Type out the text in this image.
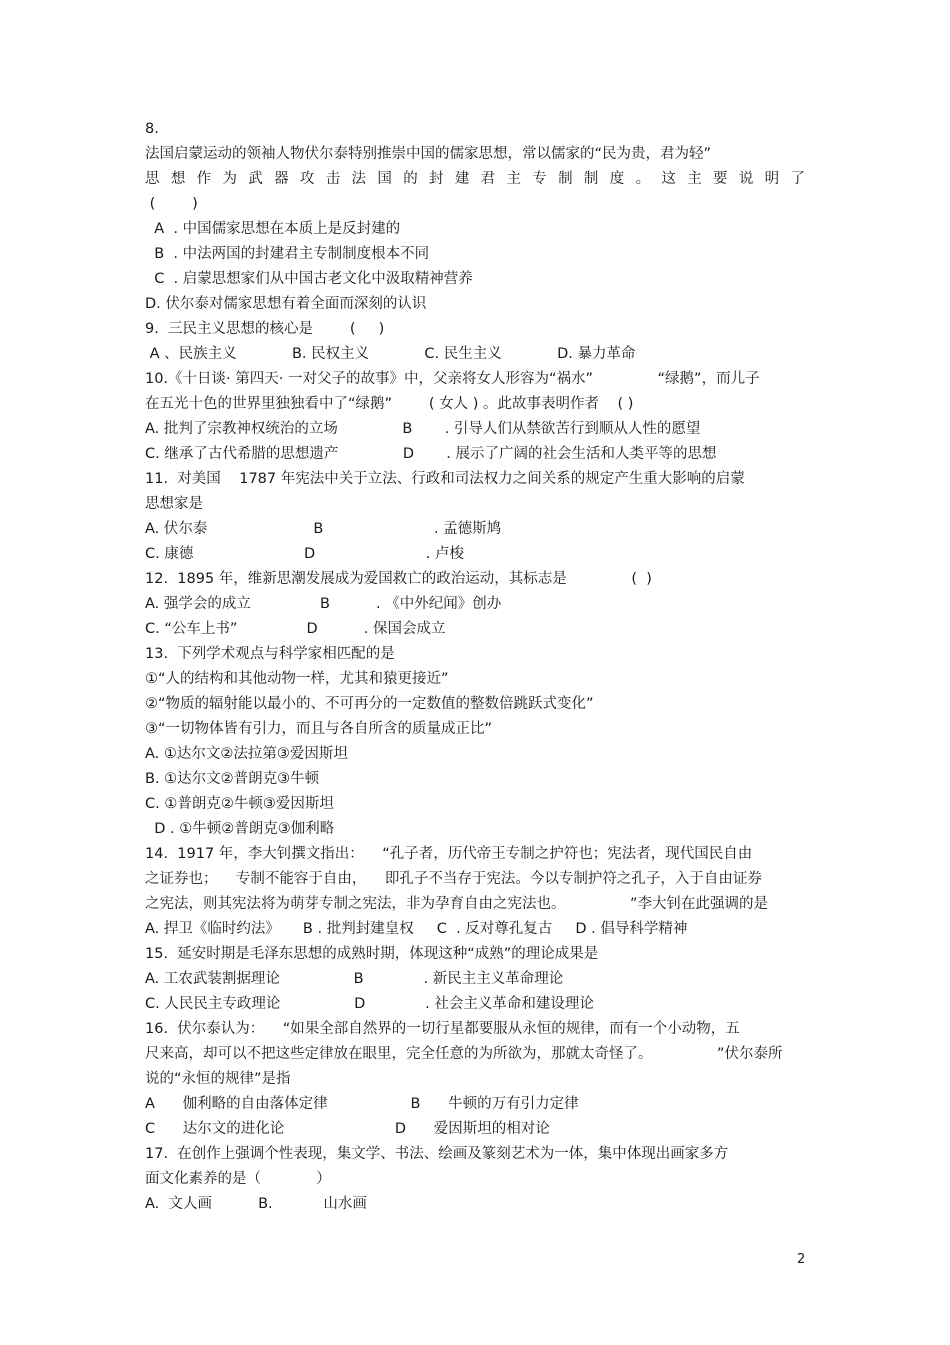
8.
法国启蒙运动的领袖人物伏尔泰特别推崇中国的儒家思想，常以儒家的“民为贵，君为轻”
思 想 作 为 武 器 攻 击 法 国 的 封 建 君 主 专 制 制 度 。 这 主 要 说 明 了
(        )
A  . 中国儒家思想在本质上是反封建的
B  . 中法两国的封建君主专制制度根本不同
C  . 启蒙思想家们从中国古老文化中汲取精神营养
D. 伏尔泰对儒家思想有着全面而深刻的认识
9.  三民主义思想的核心是        (     )
A 、民族主义            B. 民权主义            C. 民生主义            D. 暴力革命
10.《十日谈· 第四天· 一对父子的故事》中，父亲将女人形容为“祸水”              “绿鹅”，而儿子
在五光十色的世界里独独看中了“绿鹅”        ( 女人 ) 。此故事表明作者    ( )
A. 批判了宗教神权统治的立场              B       . 引导人们从禁欲苦行到顺从人性的愿望
C. 继承了古代希腊的思想遗产              D       . 展示了广阔的社会生活和人类平等的思想
11.  对美国    1787 年宪法中关于立法、行政和司法权力之间关系的规定产生重大影响的启蒙
思想家是
A. 伏尔泰                       B                        . 孟德斯鸠
C. 康德                        D                        . 卢梭
12.  1895 年，维新思潮发展成为爱国救亡的政治运动，其标志是              (  )
A. 强学会的成立               B          . 《中外纪闻》创办
C. “公车上书”               D          . 保国会成立
13.  下列学术观点与科学家相匹配的是
①“人的结构和其他动物一样，尤其和猿更接近”
②“物质的辐射能以最小的、不可再分的一定数值的整数倍跳跃式变化”
③“一切物体皆有引力，而且与各自所含的质量成正比”
A. ①达尔文②法拉第③爱因斯坦
B. ①达尔文②普朗克③牛顿
C. ①普朗克②牛顿③爱因斯坦
D . ①牛顿②普朗克③伽利略
14.  1917 年，李大钊撰文指出：    “孔子者，历代帝王专制之护符也；宪法者，现代国民自由
之证券也；    专制不能容于自由，    即孔子不当存于宪法。今以专制护符之孔子，入于自由证券
之宪法，则其宪法将为萌芽专制之宪法，非为孕育自由之宪法也。              ”李大钊在此强调的是
A. 捍卫《临时约法》     B . 批判封建皇权     C  . 反对尊孔复古     D . 倡导科学精神
15.  延安时期是毛泽东思想的成熟时期，体现这种“成熟”的理论成果是
A. 工农武装割据理论                B             . 新民主主义革命理论
C. 人民民主专政理论                D             . 社会主义革命和建设理论
16.  伏尔泰认为：    “如果全部自然界的一切行星都要服从永恒的规律，而有一个小动物，五
尺来高，却可以不把这些定律放在眼里，完全任意的为所欲为，那就太奇怪了。              ”伏尔泰所
说的“永恒的规律”是指
A      伽利略的自由落体定律                  B      牛顿的万有引力定律
C      达尔文的进化论                        D      爱因斯坦的相对论
17.  在创作上强调个性表现，集文学、书法、绘画及篆刻艺术为一体，集中体现出画家多方
面文化素养的是（            ）
A.  文人画          B.           山水画
2
